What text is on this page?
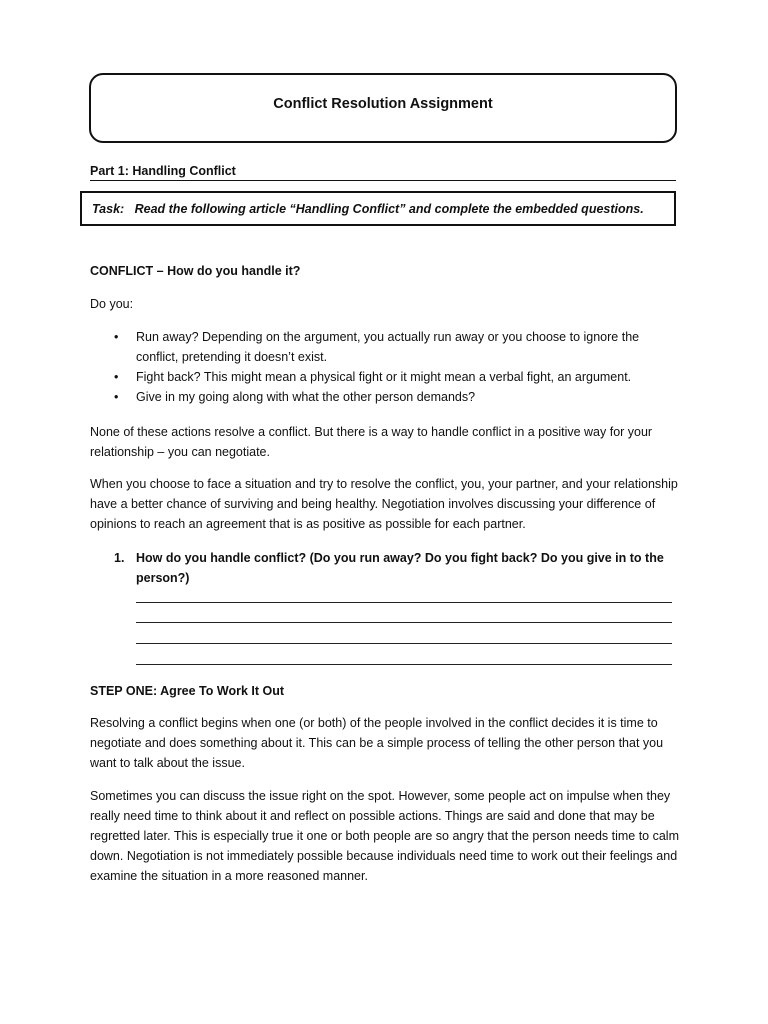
Conflict Resolution Assignment
Part 1: Handling Conflict
Task:   Read the following article “Handling Conflict” and complete the embedded questions.
CONFLICT – How do you handle it?
Do you:
• Run away? Depending on the argument, you actually run away or you choose to ignore the conflict, pretending it doesn’t exist.
• Fight back? This might mean a physical fight or it might mean a verbal fight, an argument.
• Give in my going along with what the other person demands?
None of these actions resolve a conflict. But there is a way to handle conflict in a positive way for your relationship – you can negotiate.
When you choose to face a situation and try to resolve the conflict, you, your partner, and your relationship have a better chance of surviving and being healthy. Negotiation involves discussing your difference of opinions to reach an agreement that is as positive as possible for each partner.
1. How do you handle conflict? (Do you run away? Do you fight back? Do you give in to the person?)
STEP ONE: Agree To Work It Out
Resolving a conflict begins when one (or both) of the people involved in the conflict decides it is time to negotiate and does something about it. This can be a simple process of telling the other person that you want to talk about the issue.
Sometimes you can discuss the issue right on the spot. However, some people act on impulse when they really need time to think about it and reflect on possible actions. Things are said and done that may be regretted later. This is especially true it one or both people are so angry that the person needs time to calm down. Negotiation is not immediately possible because individuals need time to work out their feelings and examine the situation in a more reasoned manner.
